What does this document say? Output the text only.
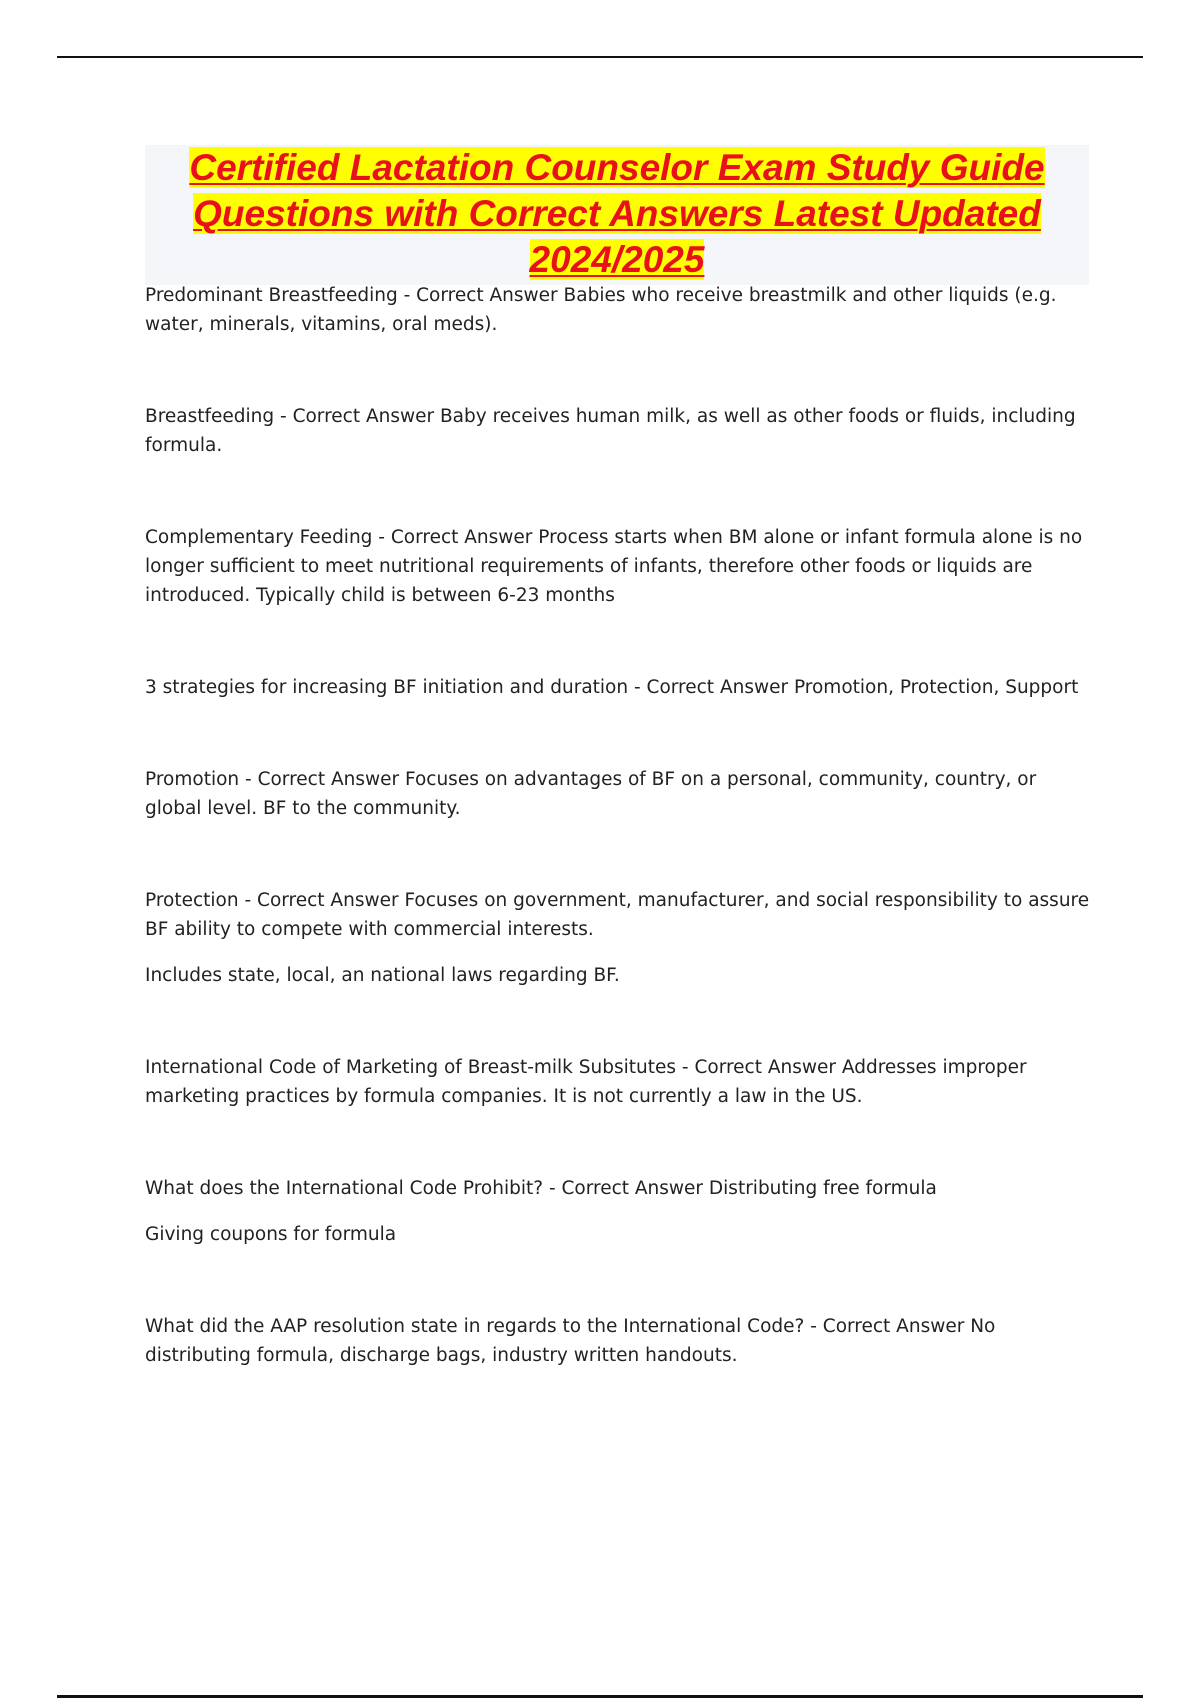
Certified Lactation Counselor Exam Study Guide
Questions with Correct Answers Latest Updated
2024/2025

Predominant Breastfeeding - Correct Answer Babies who receive breastmilk and other liquids (e.g. water, minerals, vitamins, oral meds).

Breastfeeding - Correct Answer Baby receives human milk, as well as other foods or fluids, including formula.

Complementary Feeding - Correct Answer Process starts when BM alone or infant formula alone is no longer sufficient to meet nutritional requirements of infants, therefore other foods or liquids are introduced. Typically child is between 6-23 months

3 strategies for increasing BF initiation and duration - Correct Answer Promotion, Protection, Support

Promotion - Correct Answer Focuses on advantages of BF on a personal, community, country, or global level. BF to the community.

Protection - Correct Answer Focuses on government, manufacturer, and social responsibility to assure BF ability to compete with commercial interests.

Includes state, local, an national laws regarding BF.

International Code of Marketing of Breast-milk Subsitutes - Correct Answer Addresses improper marketing practices by formula companies. It is not currently a law in the US.

What does the International Code Prohibit? - Correct Answer Distributing free formula

Giving coupons for formula

What did the AAP resolution state in regards to the International Code? - Correct Answer No distributing formula, discharge bags, industry written handouts.
